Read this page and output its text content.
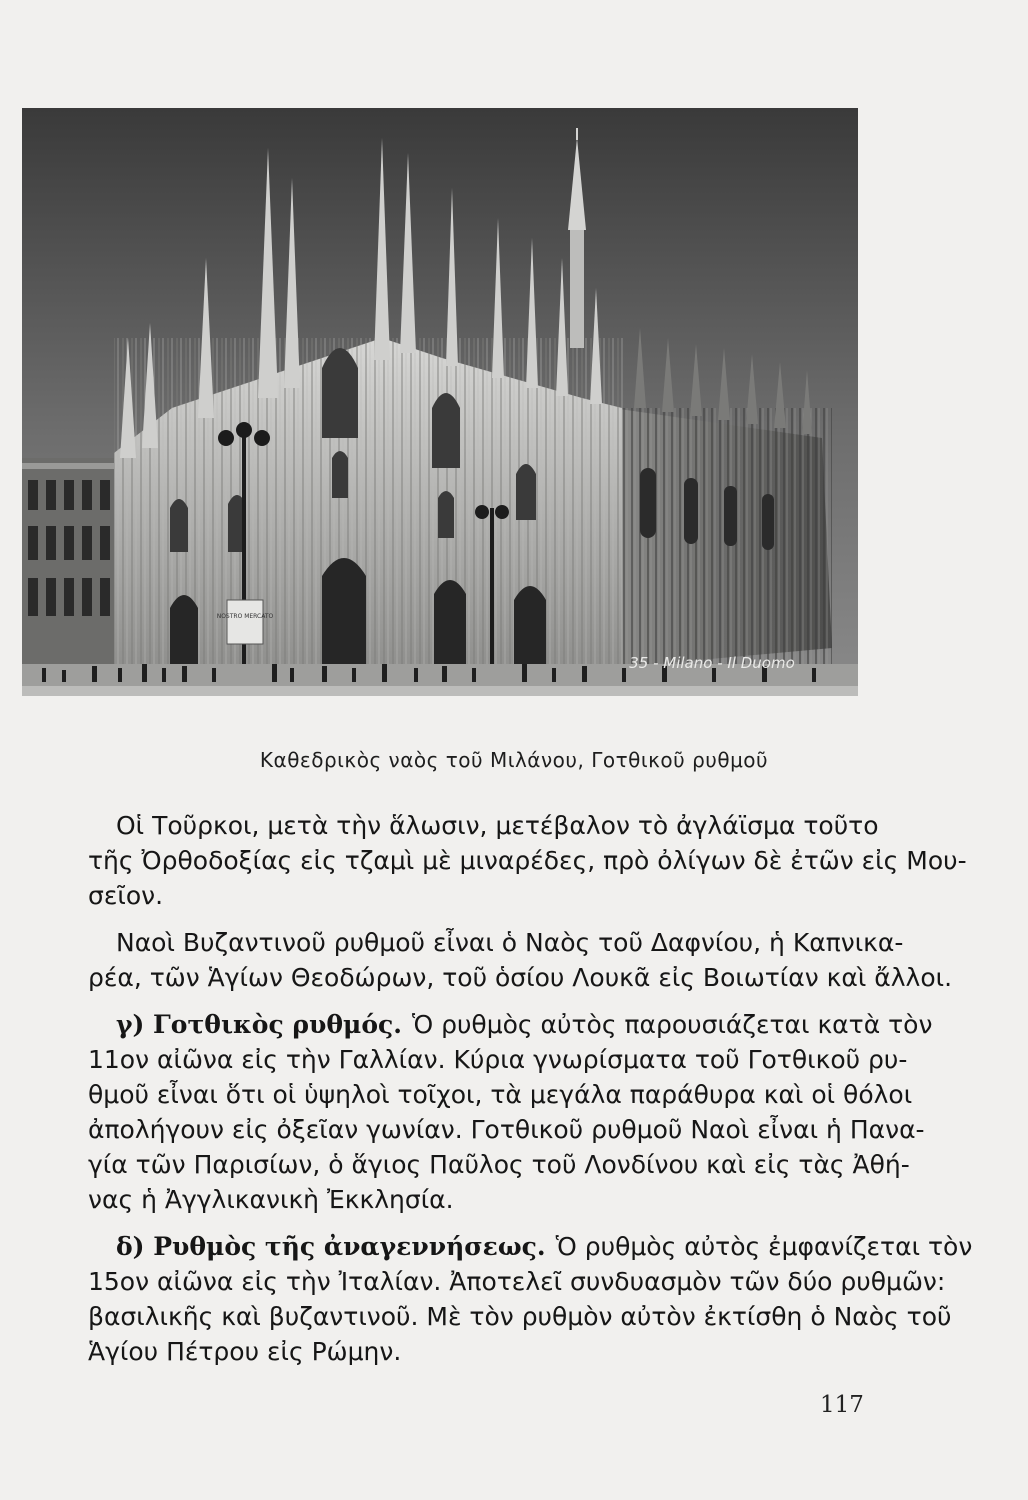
NOSTRO MERCATO
35 - Milano - Il Duomo
Καθεδρικὸς ναὸς τοῦ Μιλάνου, Γοτθικοῦ ρυθμοῦ
Οἱ Τοῦρκοι, μετὰ τὴν ἅλωσιν, μετέβαλον τὸ ἀγλάϊσμα τοῦτο
τῆς Ὀρθοδοξίας εἰς τζαμὶ μὲ μιναρέδες, πρὸ ὀλίγων δὲ ἐτῶν εἰς Μου-
σεῖον.
Ναοὶ Βυζαντινοῦ ρυθμοῦ εἶναι ὁ Ναὸς τοῦ Δαφνίου, ἡ Καπνικα-
ρέα, τῶν Ἁγίων Θεοδώρων, τοῦ ὁσίου Λουκᾶ εἰς Βοιωτίαν καὶ ἄλλοι.
γ) Γοτθικὸς ρυθμός. Ὁ ρυθμὸς αὐτὸς παρουσιάζεται κατὰ τὸν
11ον αἰῶνα εἰς τὴν Γαλλίαν. Κύρια γνωρίσματα τοῦ Γοτθικοῦ ρυ-
θμοῦ εἶναι ὅτι οἱ ὑψηλοὶ τοῖχοι, τὰ μεγάλα παράθυρα καὶ οἱ θόλοι
ἀπολήγουν εἰς ὀξεῖαν γωνίαν. Γοτθικοῦ ρυθμοῦ Ναοὶ εἶναι ἡ Πανα-
γία τῶν Παρισίων, ὁ ἅγιος Παῦλος τοῦ Λονδίνου καὶ εἰς τὰς Ἀθή-
νας ἡ Ἀγγλικανικὴ Ἐκκλησία.
δ) Ρυθμὸς τῆς ἀναγεννήσεως. Ὁ ρυθμὸς αὐτὸς ἐμφανίζεται τὸν
15ον αἰῶνα εἰς τὴν Ἰταλίαν. Ἀποτελεῖ συνδυασμὸν τῶν δύο ρυθμῶν:
βασιλικῆς καὶ βυζαντινοῦ. Μὲ τὸν ρυθμὸν αὐτὸν ἐκτίσθη ὁ Ναὸς τοῦ
Ἁγίου Πέτρου εἰς Ρώμην.
117
